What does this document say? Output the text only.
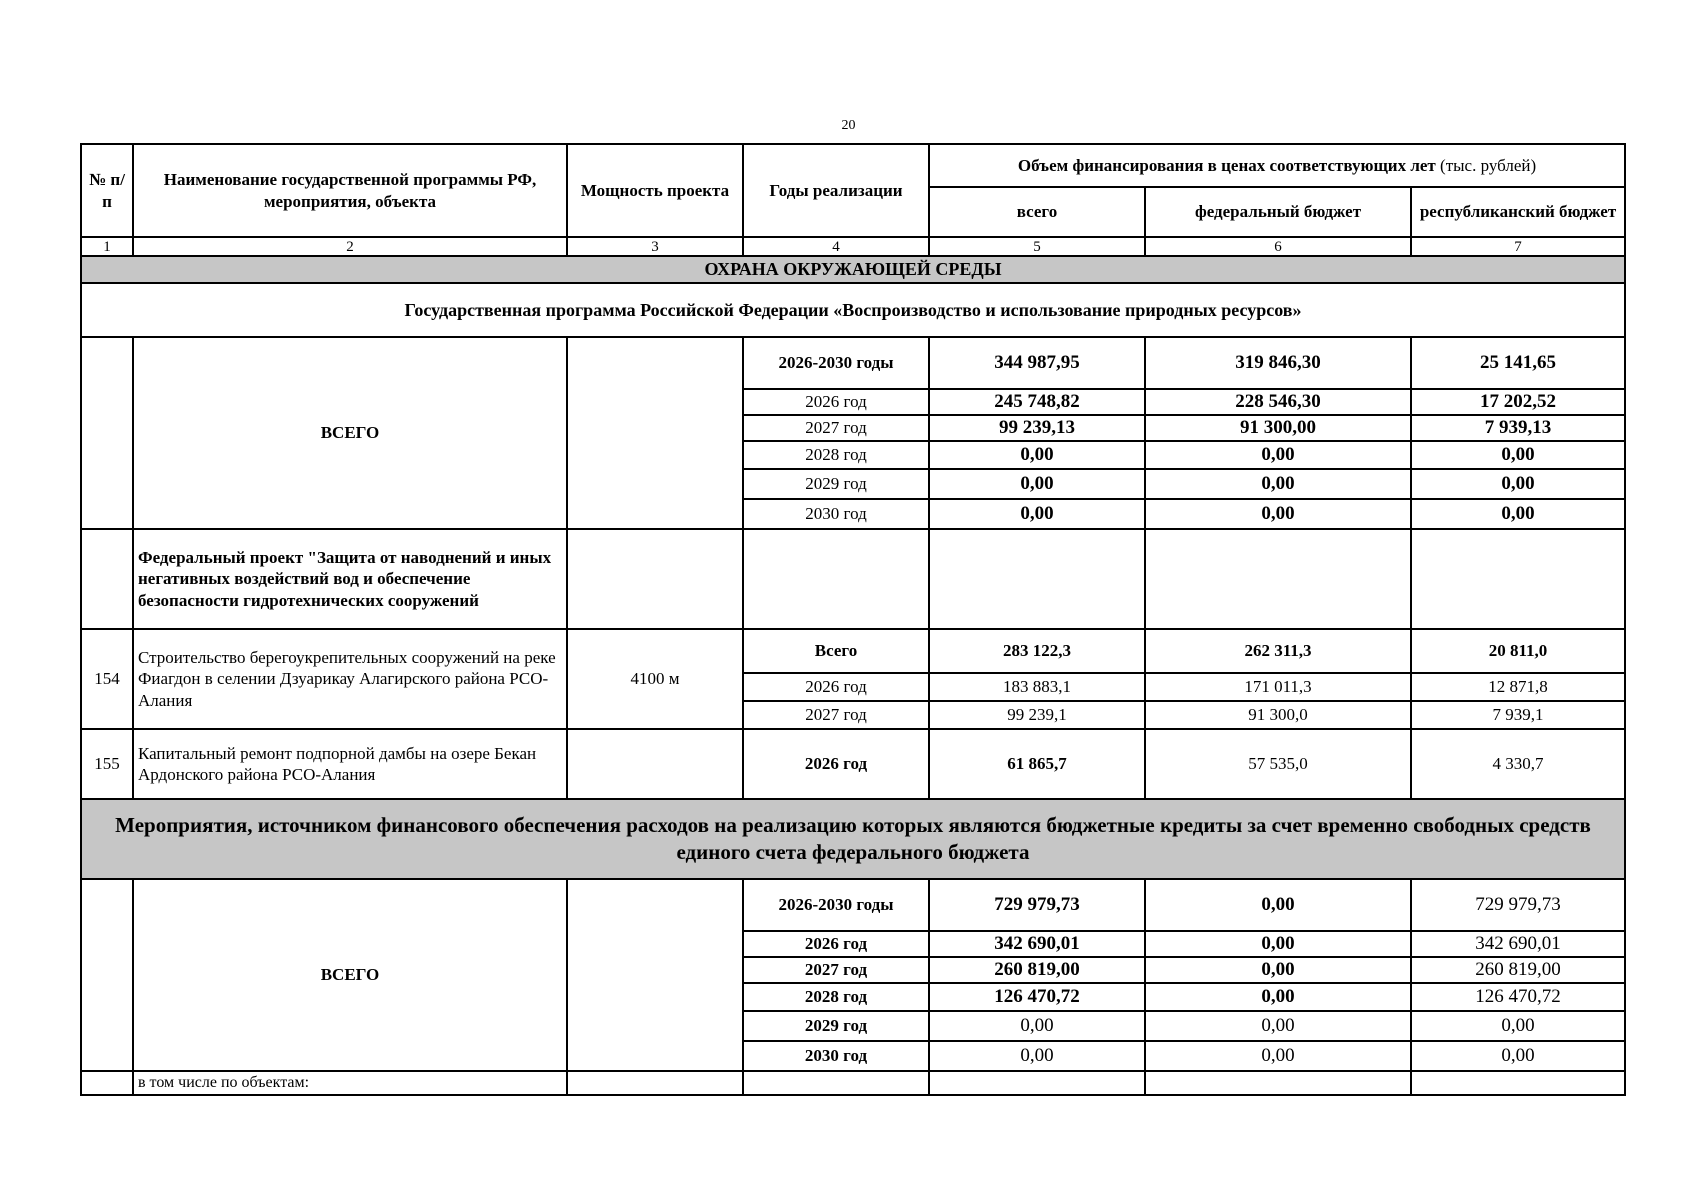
20
№ п/п	Наименование государственной программы РФ, мероприятия, объекта	Мощность проекта	Годы реализации	Объем финансирования в ценах соответствующих лет (тыс. рублей)		
				всего	федеральный бюджет	республиканский бюджет
1	2	3	4	5	6	7
ОХРАНА ОКРУЖАЮЩЕЙ СРЕДЫ						
Государственная программа Российской Федерации «Воспроизводство и использование природных ресурсов»						
	ВСЕГО		2026-2030 годы	344 987,95	319 846,30	25 141,65
			2026 год	245 748,82	228 546,30	17 202,52
			2027 год	99 239,13	91 300,00	7 939,13
			2028 год	0,00	0,00	0,00
			2029 год	0,00	0,00	0,00
			2030 год	0,00	0,00	0,00
	Федеральный проект "Защита от наводнений и иных негативных воздействий вод и обеспечение безопасности гидротехнических сооружений					
154	Строительство берегоукрепительных сооружений на реке Фиагдон в селении Дзуарикау Алагирского района РСО-Алания	4100 м	Всего	283 122,3	262 311,3	20 811,0
			2026 год	183 883,1	171 011,3	12 871,8
			2027 год	99 239,1	91 300,0	7 939,1
155	Капитальный ремонт подпорной дамбы на озере Бекан Ардонского района РСО-Алания		2026 год	61 865,7	57 535,0	4 330,7
Мероприятия, источником финансового обеспечения расходов на реализацию которых являются бюджетные кредиты за счет временно свободных средств единого счета федерального бюджета						
	ВСЕГО		2026-2030 годы	729 979,73	0,00	729 979,73
			2026 год	342 690,01	0,00	342 690,01
			2027 год	260 819,00	0,00	260 819,00
			2028 год	126 470,72	0,00	126 470,72
			2029 год	0,00	0,00	0,00
			2030 год	0,00	0,00	0,00
	в том числе по объектам:					
